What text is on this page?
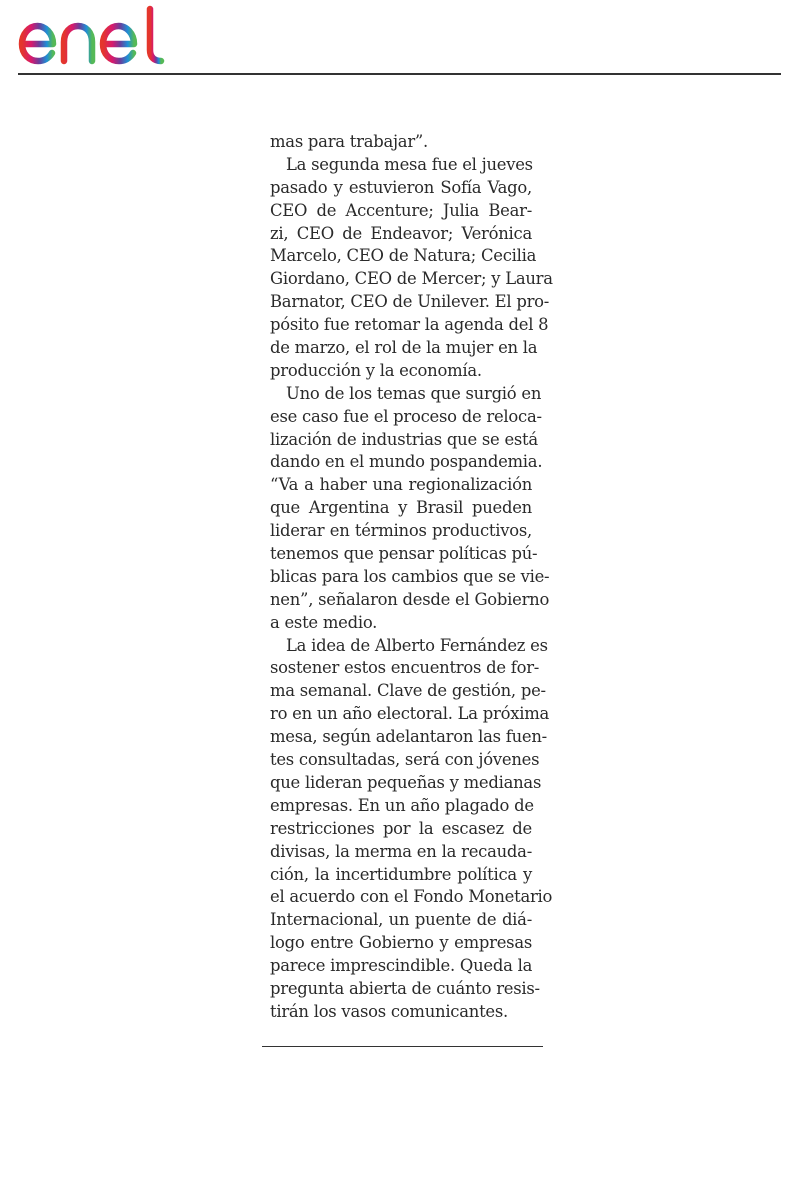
mas para trabajar”.
La segunda mesa fue el jueves
pasado y estuvieron Sofía Vago,
CEO de Accenture; Julia Bear-
zi, CEO de Endeavor; Verónica
Marcelo, CEO de Natura; Cecilia
Giordano, CEO de Mercer; y Laura
Barnator, CEO de Unilever. El pro-
pósito fue retomar la agenda del 8
de marzo, el rol de la mujer en la
producción y la economía.
Uno de los temas que surgió en
ese caso fue el proceso de reloca-
lización de industrias que se está
dando en el mundo pospandemia.
“Va a haber una regionalización
que Argentina y Brasil pueden
liderar en términos productivos,
tenemos que pensar políticas pú-
blicas para los cambios que se vie-
nen”, señalaron desde el Gobierno
a este medio.
La idea de Alberto Fernández es
sostener estos encuentros de for-
ma semanal. Clave de gestión, pe-
ro en un año electoral. La próxima
mesa, según adelantaron las fuen-
tes consultadas, será con jóvenes
que lideran pequeñas y medianas
empresas. En un año plagado de
restricciones por la escasez de
divisas, la merma en la recauda-
ción, la incertidumbre política y
el acuerdo con el Fondo Monetario
Internacional, un puente de diá-
logo entre Gobierno y empresas
parece imprescindible. Queda la
pregunta abierta de cuánto resis-
tirán los vasos comunicantes.
